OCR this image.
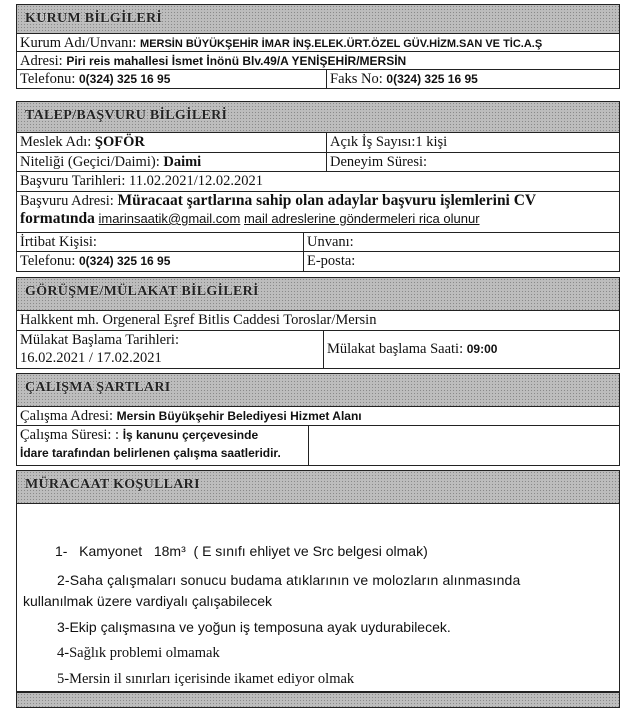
KURUM BİLGİLERİ
Kurum Adı/Unvanı: MERSİN BÜYÜKŞEHİR İMAR İNŞ.ELEK.ÜRT.ÖZEL GÜV.HİZM.SAN VE TİC.A.Ş
Adresi: Piri reis mahallesi İsmet İnönü Blv.49/A YENİŞEHİR/MERSİN
Telefonu: 0(324) 325 16 95	Faks No: 0(324) 325 16 95
TALEP/BAŞVURU BİLGİLERİ
Meslek Adı: ŞOFÖR	Açık İş Sayısı:1 kişi
Niteliği (Geçici/Daimi): Daimi	Deneyim Süresi:
Başvuru Tarihleri: 11.02.2021/12.02.2021
Başvuru Adresi: Müracaat şartlarına sahip olan adaylar başvuru işlemlerini CV
formatında imarinsaatik@gmail.com mail adreslerine göndermeleri rica olunur
İrtibat Kişisi:	Unvanı:
Telefonu: 0(324) 325 16 95	E-posta:
GÖRÜŞME/MÜLAKAT BİLGİLERİ
Halkkent mh. Orgeneral Eşref Bitlis Caddesi Toroslar/Mersin
Mülakat Başlama Tarihleri:
16.02.2021 / 17.02.2021
Mülakat başlama Saati: 09:00
ÇALIŞMA ŞARTLARI
Çalışma Adresi: Mersin Büyükşehir Belediyesi Hizmet Alanı
Çalışma Süresi: : İş kanunu çerçevesinde
İdare tarafından belirlenen çalışma saatleridir.
MÜRACAAT KOŞULLARI
1- Kamyonet 18m³ ( E sınıfı ehliyet ve Src belgesi olmak)
2-Saha çalışmaları sonucu budama atıklarının ve molozların alınmasında
kullanılmak üzere vardiyalı çalışabilecek
3-Ekip çalışmasına ve yoğun iş temposuna ayak uydurabilecek.
4-Sağlık problemi olmamak
5-Mersin il sınırları içerisinde ikamet ediyor olmak
